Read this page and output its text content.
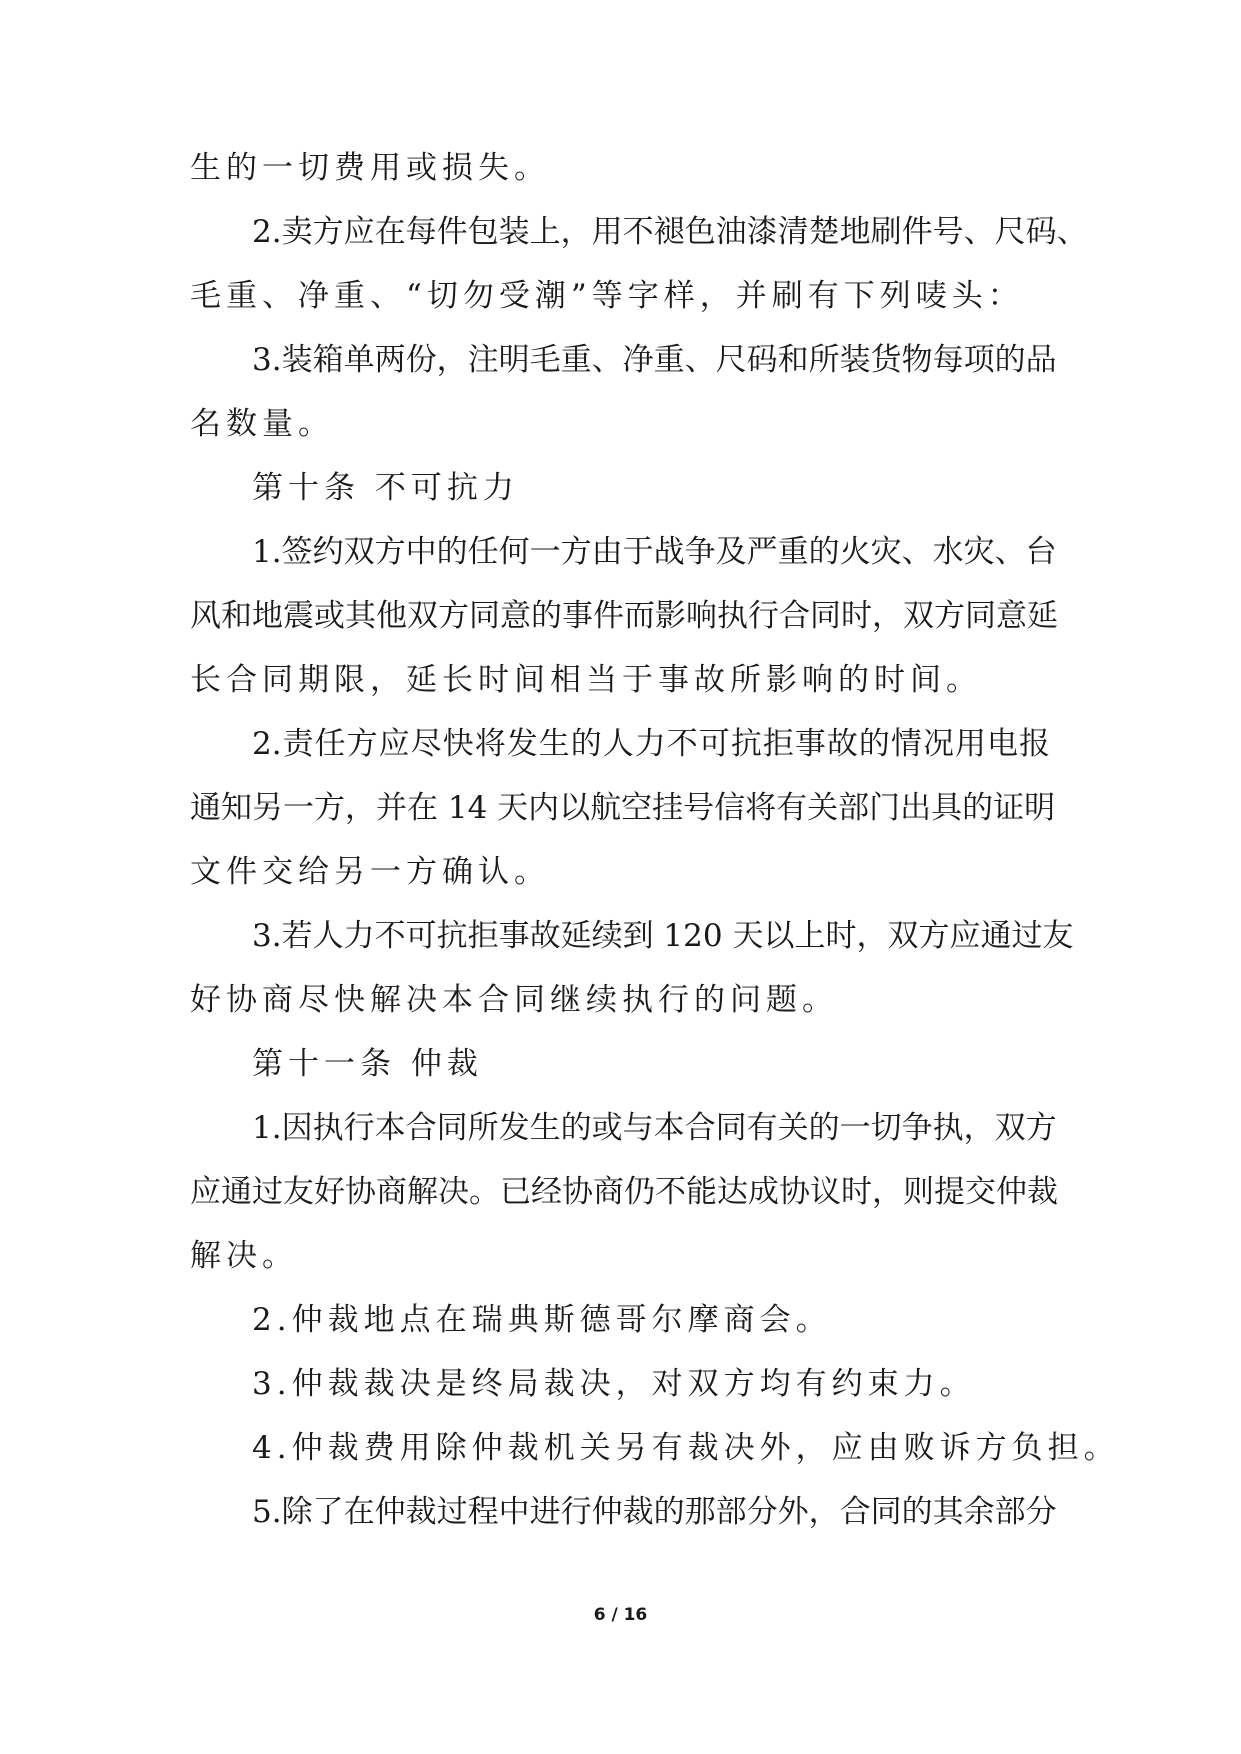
生的一切费用或损失。
2.卖方应在每件包装上，用不褪色油漆清楚地刷件号、尺码、
毛重、净重、“切勿受潮”等字样，并刷有下列唛头：
3.装箱单两份，注明毛重、净重、尺码和所装货物每项的品
名数量。
第十条 不可抗力
1.签约双方中的任何一方由于战争及严重的火灾、水灾、台
风和地震或其他双方同意的事件而影响执行合同时，双方同意延
长合同期限，延长时间相当于事故所影响的时间。
2.责任方应尽快将发生的人力不可抗拒事故的情况用电报
通知另一方，并在 14 天内以航空挂号信将有关部门出具的证明
文件交给另一方确认。
3.若人力不可抗拒事故延续到 120 天以上时，双方应通过友
好协商尽快解决本合同继续执行的问题。
第十一条 仲裁
1.因执行本合同所发生的或与本合同有关的一切争执，双方
应通过友好协商解决。已经协商仍不能达成协议时，则提交仲裁
解决。
2.仲裁地点在瑞典斯德哥尔摩商会。
3.仲裁裁决是终局裁决，对双方均有约束力。
4.仲裁费用除仲裁机关另有裁决外，应由败诉方负担。
5.除了在仲裁过程中进行仲裁的那部分外，合同的其余部分
6 / 16
